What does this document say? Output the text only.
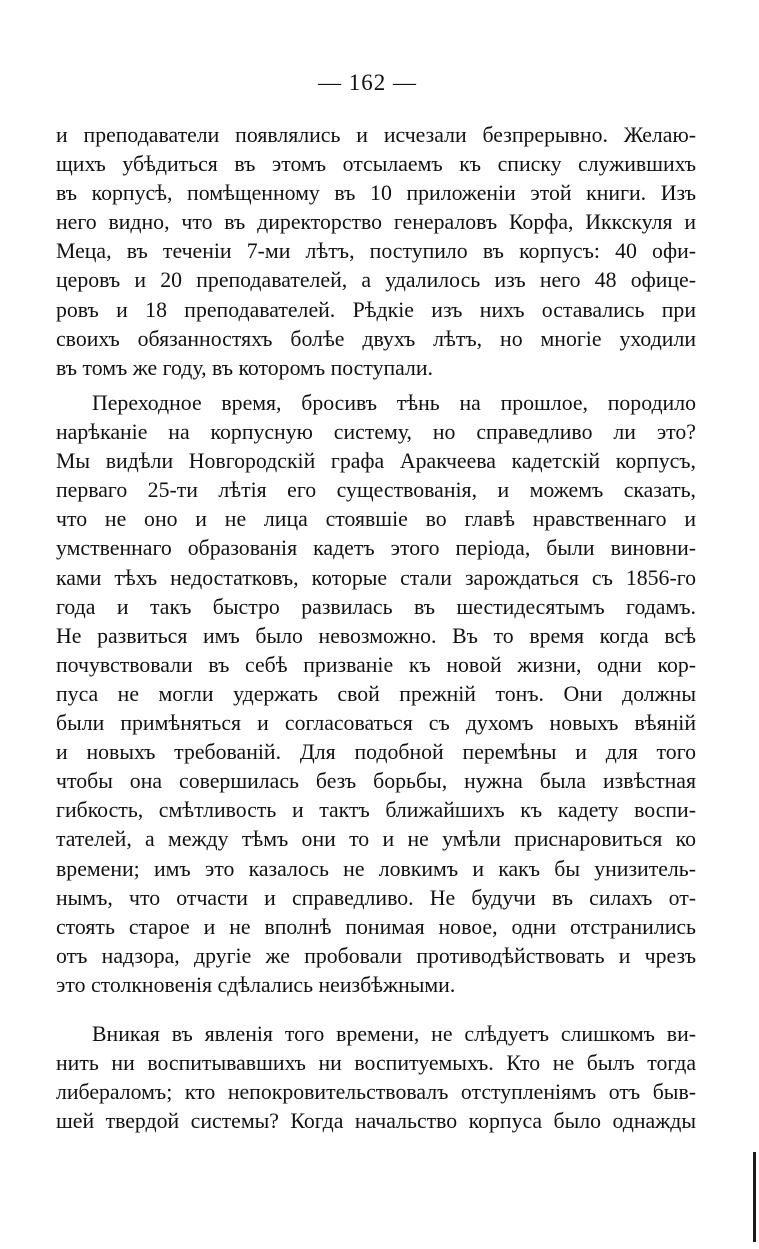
— 162 —
и преподаватели появлялись и исчезали безпрерывно. Желаю-
щихъ убѣдиться въ этомъ отсылаемъ къ списку служившихъ
въ корпусѣ, помѣщенному въ 10 приложеніи этой книги. Изъ
него видно, что въ директорство генераловъ Корфа, Иккскуля и
Меца, въ теченіи 7-ми лѣтъ, поступило въ корпусъ: 40 офи-
церовъ и 20 преподавателей, а удалилось изъ него 48 офице-
ровъ и 18 преподавателей. Рѣдкіе изъ нихъ оставались при
своихъ обязанностяхъ болѣе двухъ лѣтъ, но многіе уходили
въ томъ же году, въ которомъ поступали.
Переходное время, бросивъ тѣнь на прошлое, породило
нарѣканіе на корпусную систему, но справедливо ли это?
Мы видѣли Новгородскій графа Аракчеева кадетскій корпусъ,
перваго 25-ти лѣтія его существованія, и можемъ сказать,
что не оно и не лица стоявшіе во главѣ нравственнаго и
умственнаго образованія кадетъ этого періода, были виновни-
ками тѣхъ недостатковъ, которые стали зарождаться съ 1856-го
года и такъ быстро развилась въ шестидесятымъ годамъ.
Не развиться имъ было невозможно. Въ то время когда всѣ
почувствовали въ себѣ призваніе къ новой жизни, одни кор-
пуса не могли удержать свой прежній тонъ. Они должны
были примѣняться и согласоваться съ духомъ новыхъ вѣяній
и новыхъ требованій. Для подобной перемѣны и для того
чтобы она совершилась безъ борьбы, нужна была извѣстная
гибкость, смѣтливость и тактъ ближайшихъ къ кадету воспи-
тателей, а между тѣмъ они то и не умѣли приснаровиться ко
времени; имъ это казалось не ловкимъ и какъ бы унизитель-
нымъ, что отчасти и справедливо. Не будучи въ силахъ от-
стоять старое и не вполнѣ понимая новое, одни отстранились
отъ надзора, другіе же пробовали противодѣйствовать и чрезъ
это столкновенія сдѣлались неизбѣжными.
Вникая въ явленія того времени, не слѣдуетъ слишкомъ ви-
нить ни воспитывавшихъ ни воспитуемыхъ. Кто не былъ тогда
либераломъ; кто непокровительствовалъ отступленіямъ отъ быв-
шей твердой системы? Когда начальство корпуса было однажды
